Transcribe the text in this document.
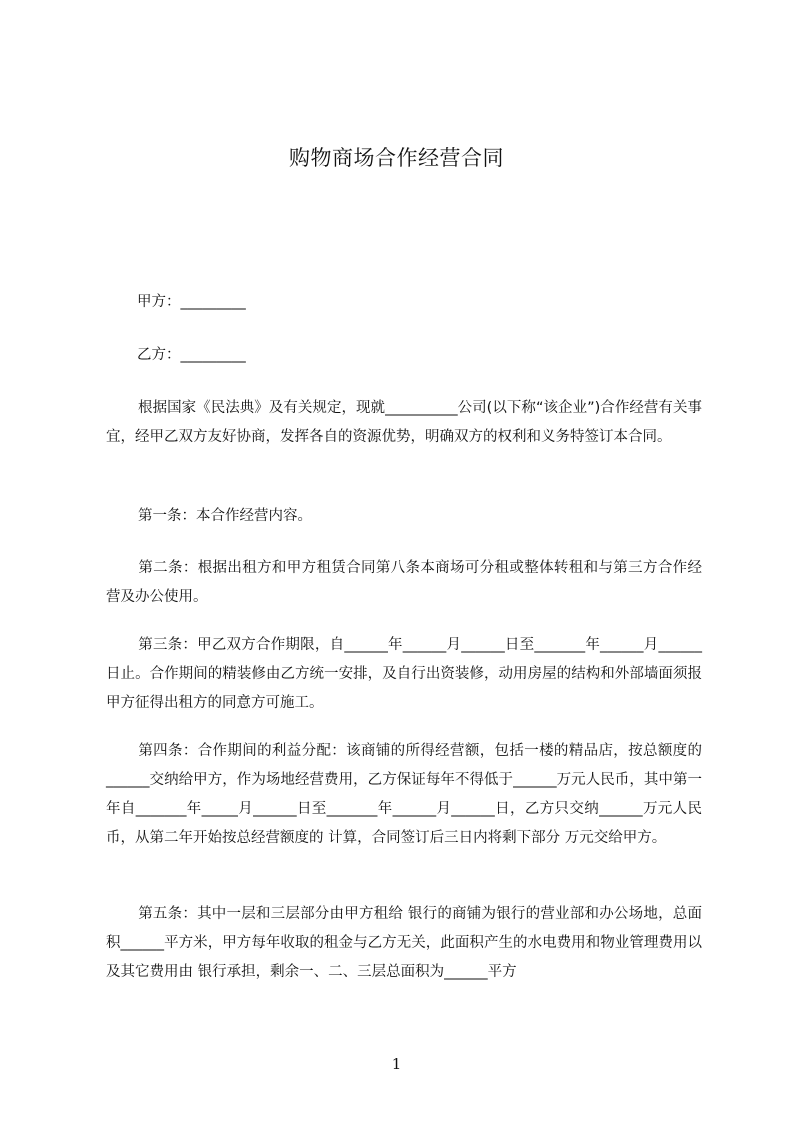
购物商场合作经营合同

甲方：_________

乙方：_________

根据国家《民法典》及有关规定，现就__________公司(以下称“该企业”)合作经营有关事宜，经甲乙双方友好协商，发挥各自的资源优势，明确双方的权利和义务特签订本合同。

第一条：本合作经营内容。

第二条：根据出租方和甲方租赁合同第八条本商场可分租或整体转租和与第三方合作经营及办公使用。

第三条：甲乙双方合作期限，自______年______月______日至_______年______月______日止。合作期间的精装修由乙方统一安排，及自行出资装修，动用房屋的结构和外部墙面须报甲方征得出租方的同意方可施工。

第四条：合作期间的利益分配：该商铺的所得经营额，包括一楼的精品店，按总额度的______交纳给甲方，作为场地经营费用，乙方保证每年不得低于______万元人民币，其中第一年自_______年_____月______日至_______年______月______日，乙方只交纳______万元人民币，从第二年开始按总经营额度的 计算，合同签订后三日内将剩下部分 万元交给甲方。

第五条：其中一层和三层部分由甲方租给 银行的商铺为银行的营业部和办公场地，总面积______平方米，甲方每年收取的租金与乙方无关，此面积产生的水电费用和物业管理费用以及其它费用由 银行承担，剩余一、二、三层总面积为______平方

1
